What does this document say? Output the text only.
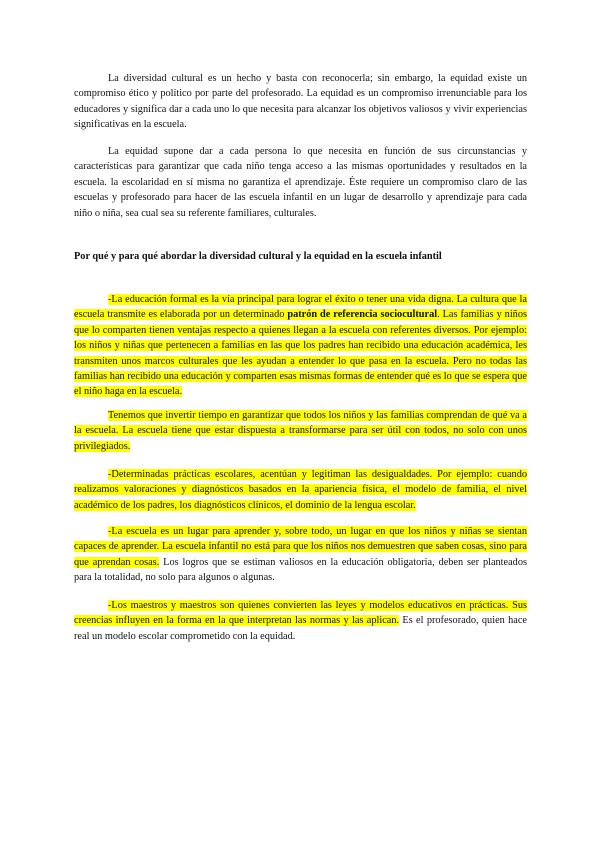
La diversidad cultural es un hecho y basta con reconocerla; sin embargo, la equidad existe un compromiso ético y político por parte del profesorado. La equidad es un compromiso irrenunciable para los educadores y significa dar a cada uno lo que necesita para alcanzar los objetivos valiosos y vivir experiencias significativas en la escuela.

La equidad supone dar a cada persona lo que necesita en función de sus circunstancias y características para garantizar que cada niño tenga acceso a las mismas oportunidades y resultados en la escuela. la escolaridad en sí misma no garantiza el aprendizaje. Éste requiere un compromiso claro de las escuelas y profesorado para hacer de las escuela infantil en un lugar de desarrollo y aprendizaje para cada niño o niña, sea cual sea su referente familiares, culturales.

Por qué y para qué abordar la diversidad cultural y la equidad en la escuela infantil

-La educación formal es la vía principal para lograr el éxito o tener una vida digna. La cultura que la escuela transmite es elaborada por un determinado patrón de referencia sociocultural. Las familias y niños que lo comparten tienen ventajas respecto a quienes llegan a la escuela con referentes diversos. Por ejemplo: los niños y niñas que pertenecen a familias en las que los padres han recibido una educación académica, les transmiten unos marcos culturales que les ayudan a entender lo que pasa en la escuela. Pero no todas las familias han recibido una educación y comparten esas mismas formas de entender qué es lo que se espera que el niño haga en la escuela.

Tenemos que invertir tiempo en garantizar que todos los niños y las familias comprendan de qué va a la escuela. La escuela tiene que estar dispuesta a transformarse para ser útil con todos, no solo con unos privilegiados.

-Determinadas prácticas escolares, acentúan y legitiman las desigualdades. Por ejemplo: cuando realizamos valoraciones y diagnósticos basados en la apariencia física, el modelo de familia, el nivel académico de los padres, los diagnósticos clínicos, el dominio de la lengua escolar.

-La escuela es un lugar para aprender y, sobre todo, un lugar en que los niños y niñas se sientan capaces de aprender. La escuela infantil no está para que los niños nos demuestren que saben cosas, sino para que aprendan cosas. Los logros que se estiman valiosos en la educación obligatoria, deben ser planteados para la totalidad, no solo para algunos o algunas.

-Los maestros y maestros son quienes convierten las leyes y modelos educativos en prácticas. Sus creencias influyen en la forma en la que interpretan las normas y las aplican. Es el profesorado, quien hace real un modelo escolar comprometido con la equidad.
